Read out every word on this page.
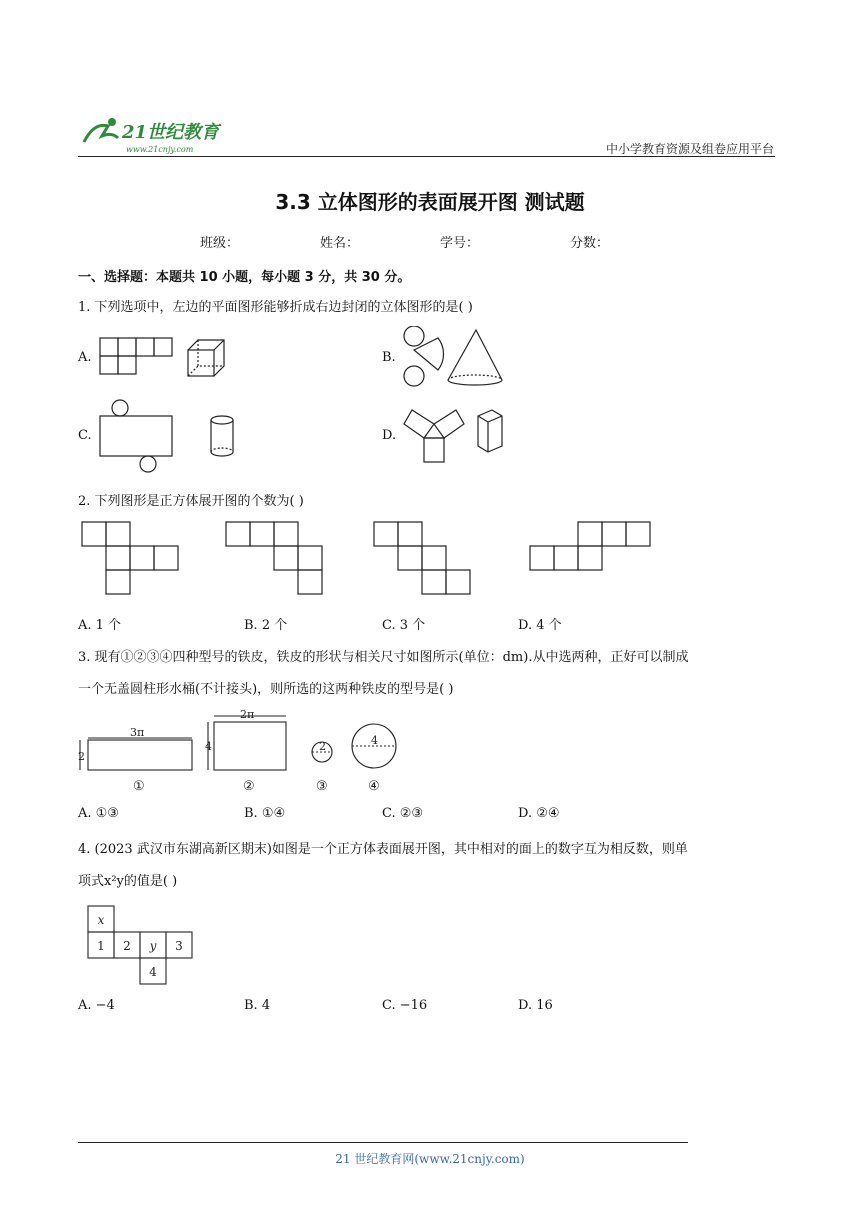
21世纪教育
www.21cnjy.com	中小学教育资源及组卷应用平台
3.3 立体图形的表面展开图 测试题
班级：	姓名：	学号：	分数：
一、选择题：本题共 10 小题，每小题 3 分，共 30 分。
1. 下列选项中，左边的平面图形能够折成右边封闭的立体图形的是( )
A.	B.
C.	D.
2. 下列图形是正方体展开图的个数为( )
A. 1 个	B. 2 个	C. 3 个	D. 4 个
3. 现有①②③④四种型号的铁皮，铁皮的形状与相关尺寸如图所示(单位：dm).从中选两种，正好可以制成
一个无盖圆柱形水桶(不计接头)，则所选的这两种铁皮的型号是( )
3π
2
2π
4	2	4
①	②	③	④
A. ①③	B. ①④	C. ②③	D. ②④
4. (2023 武汉市东湖高新区期末)如图是一个正方体表面展开图，其中相对的面上的数字互为相反数，则单
项式x²y的值是( )
x
1 2 y 3
4
A. −4	B. 4	C. −16	D. 16
21 世纪教育网(www.21cnjy.com)
